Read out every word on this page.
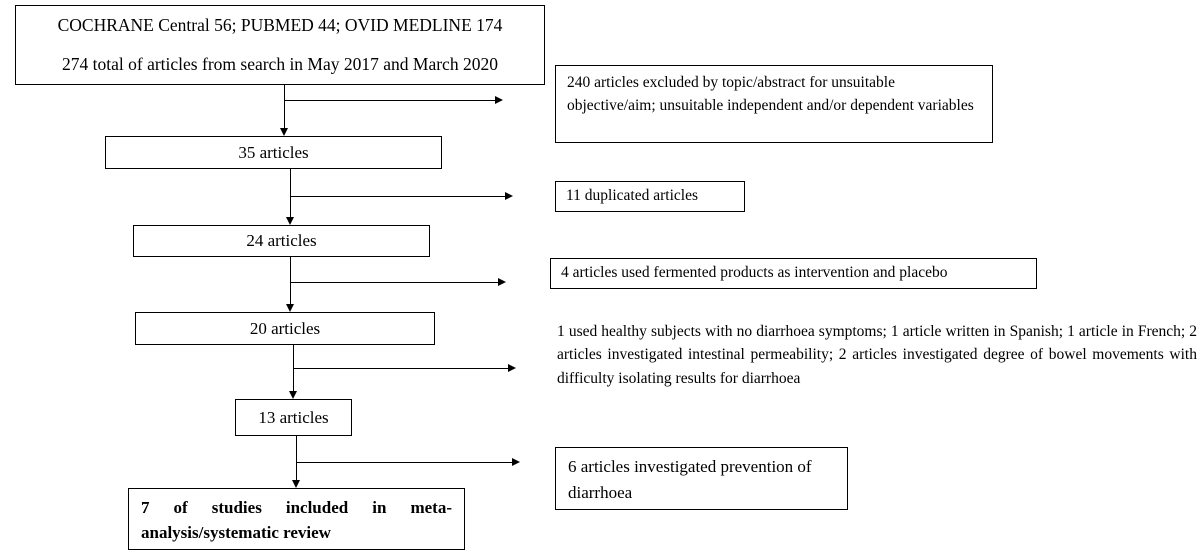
COCHRANE Central 56; PUBMED 44; OVID MEDLINE 174
274 total of articles from search in May 2017 and March 2020
35 articles
24 articles
20 articles
13 articles
7 of studies included in meta-analysis/systematic review
240 articles excluded by topic/abstract for unsuitable objective/aim; unsuitable independent and/or dependent variables
11 duplicated articles
4 articles used fermented products as intervention and placebo
1 used healthy subjects with no diarrhoea symptoms; 1 article written in Spanish; 1 article in French; 2 articles investigated intestinal permeability; 2 articles investigated degree of bowel movements with difficulty isolating results for diarrhoea
6 articles investigated prevention of diarrhoea
